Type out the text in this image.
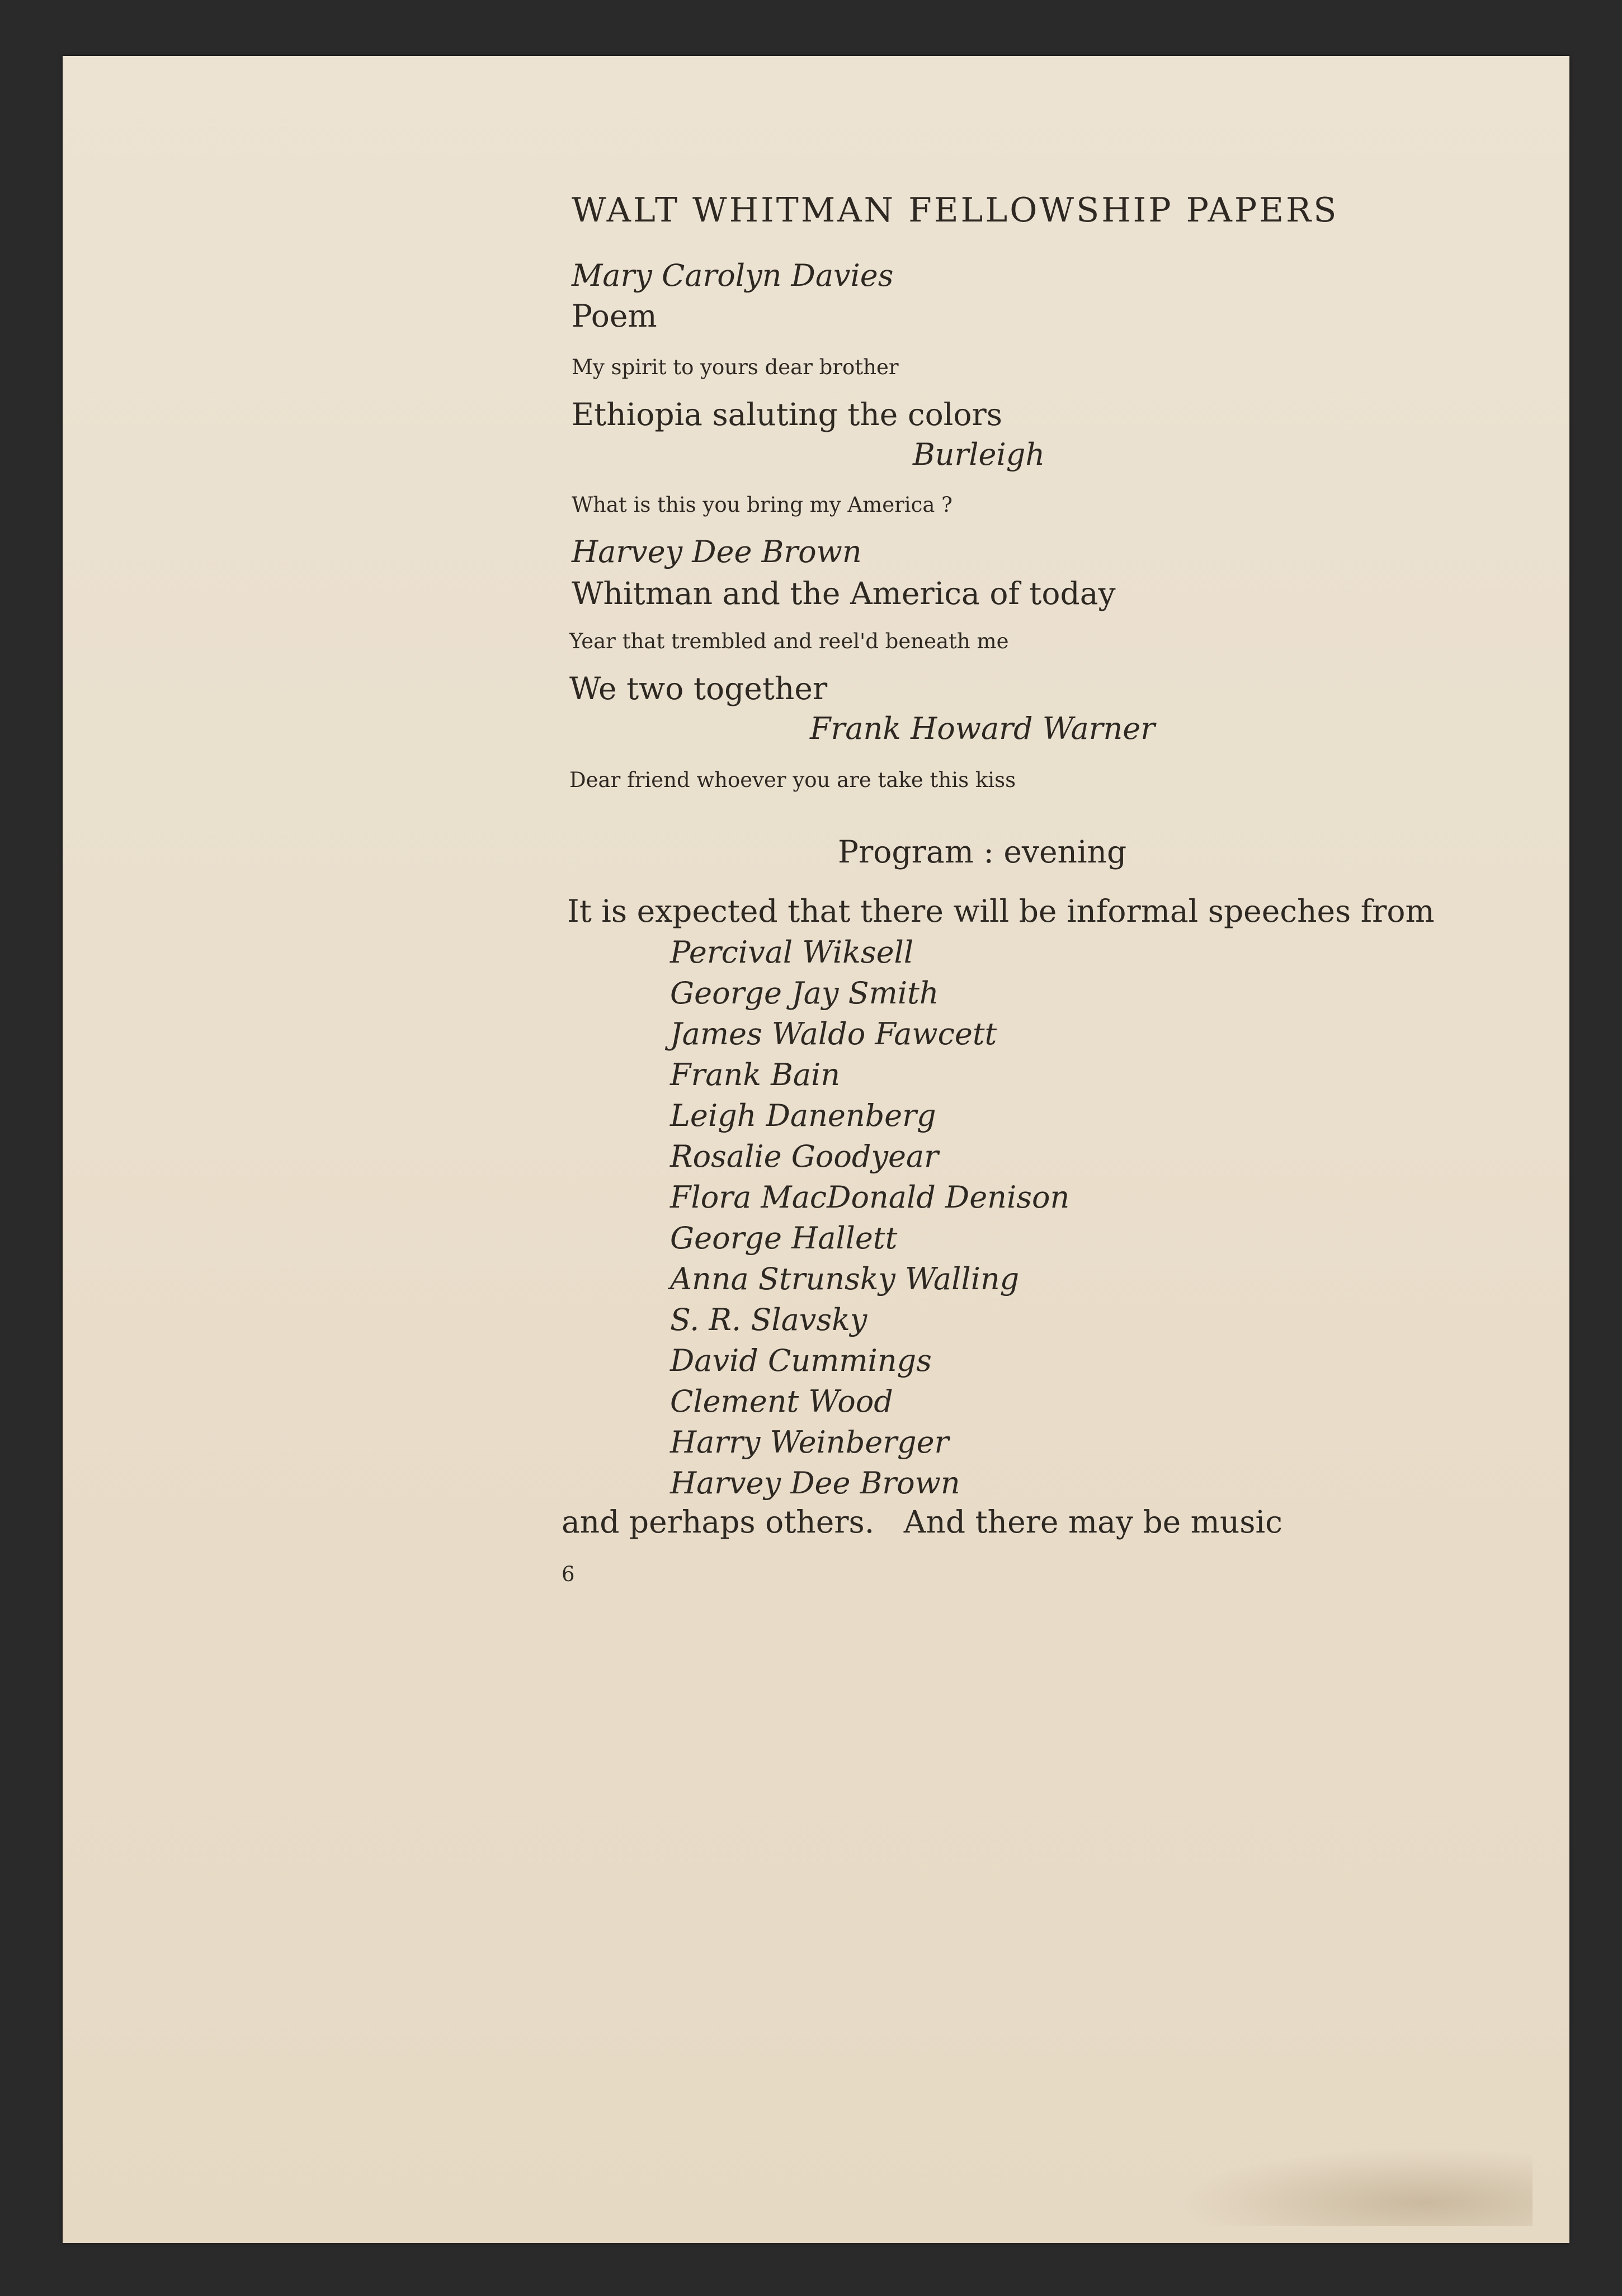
WALT WHITMAN FELLOWSHIP PAPERS
Mary Carolyn Davies
Poem
My spirit to yours dear brother
Ethiopia saluting the colors
Burleigh
What is this you bring my America ?
Harvey Dee Brown
Whitman and the America of today
Year that trembled and reel'd beneath me
We two together
Frank Howard Warner
Dear friend whoever you are take this kiss
Program : evening
It is expected that there will be informal speeches from
Percival Wiksell
George Jay Smith
James Waldo Fawcett
Frank Bain
Leigh Danenberg
Rosalie Goodyear
Flora MacDonald Denison
George Hallett
Anna Strunsky Walling
S. R. Slavsky
David Cummings
Clement Wood
Harry Weinberger
Harvey Dee Brown
and perhaps others.   And there may be music
6
